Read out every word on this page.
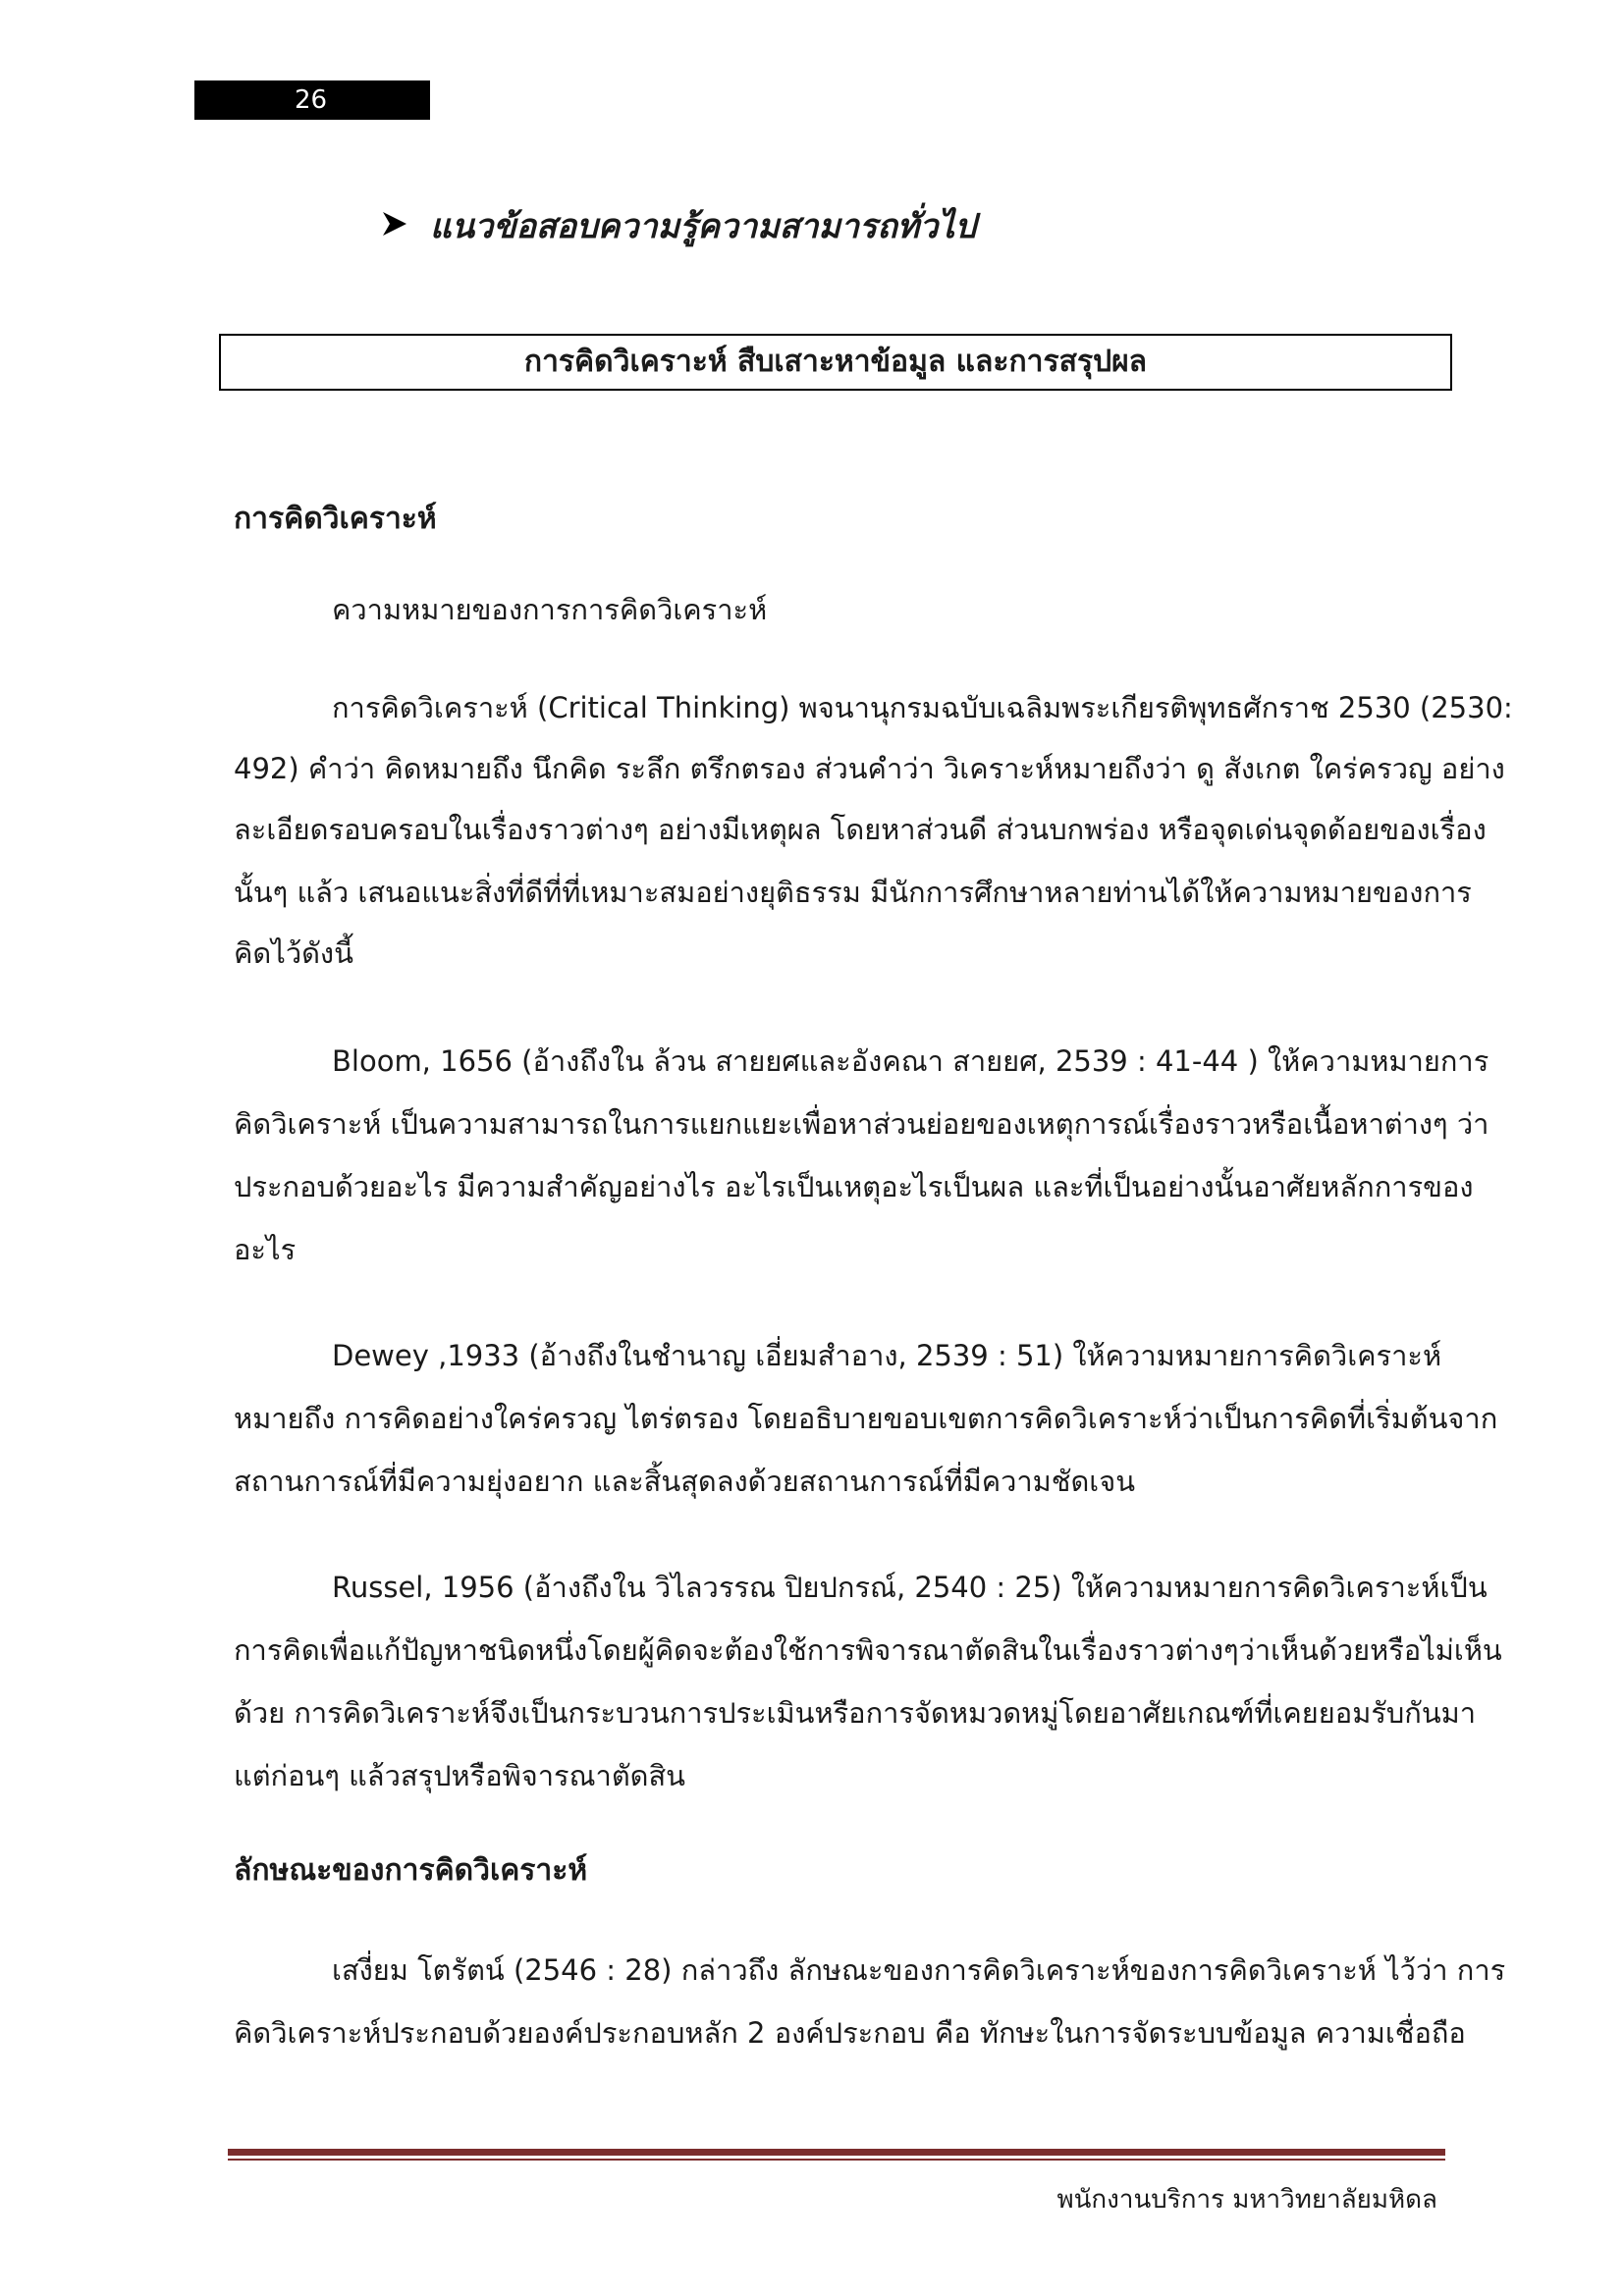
26
แนวข้อสอบความรู้ความสามารถทั่วไป
การคิดวิเคราะห์ สืบเสาะหาข้อมูล และการสรุปผล
การคิดวิเคราะห์
ความหมายของการการคิดวิเคราะห์
การคิดวิเคราะห์ (Critical Thinking) พจนานุกรมฉบับเฉลิมพระเกียรติพุทธศักราช 2530 (2530:
492) คำว่า คิดหมายถึง นึกคิด ระลึก ตรึกตรอง ส่วนคำว่า วิเคราะห์หมายถึงว่า ดู สังเกต ใคร่ครวญ อย่าง
ละเอียดรอบครอบในเรื่องราวต่างๆ อย่างมีเหตุผล โดยหาส่วนดี ส่วนบกพร่อง หรือจุดเด่นจุดด้อยของเรื่อง
นั้นๆ แล้ว เสนอแนะสิ่งที่ดีที่ที่เหมาะสมอย่างยุติธรรม มีนักการศึกษาหลายท่านได้ให้ความหมายของการ
คิดไว้ดังนี้
Bloom, 1656 (อ้างถึงใน ล้วน สายยศและอังคณา สายยศ, 2539 : 41-44 ) ให้ความหมายการ
คิดวิเคราะห์ เป็นความสามารถในการแยกแยะเพื่อหาส่วนย่อยของเหตุการณ์เรื่องราวหรือเนื้อหาต่างๆ ว่า
ประกอบด้วยอะไร มีความสำคัญอย่างไร อะไรเป็นเหตุอะไรเป็นผล และที่เป็นอย่างนั้นอาศัยหลักการของ
อะไร
Dewey ,1933 (อ้างถึงในชำนาญ เอี่ยมสำอาง, 2539 : 51) ให้ความหมายการคิดวิเคราะห์
หมายถึง การคิดอย่างใคร่ครวญ ไตร่ตรอง โดยอธิบายขอบเขตการคิดวิเคราะห์ว่าเป็นการคิดที่เริ่มต้นจาก
สถานการณ์ที่มีความยุ่งอยาก และสิ้นสุดลงด้วยสถานการณ์ที่มีความชัดเจน
Russel, 1956 (อ้างถึงใน วิไลวรรณ ปิยปกรณ์, 2540 : 25) ให้ความหมายการคิดวิเคราะห์เป็น
การคิดเพื่อแก้ปัญหาชนิดหนึ่งโดยผู้คิดจะต้องใช้การพิจารณาตัดสินในเรื่องราวต่างๆว่าเห็นด้วยหรือไม่เห็น
ด้วย การคิดวิเคราะห์จึงเป็นกระบวนการประเมินหรือการจัดหมวดหมู่โดยอาศัยเกณฑ์ที่เคยยอมรับกันมา
แต่ก่อนๆ แล้วสรุปหรือพิจารณาตัดสิน
ลักษณะของการคิดวิเคราะห์
เสงี่ยม โตรัตน์ (2546 : 28) กล่าวถึง ลักษณะของการคิดวิเคราะห์ของการคิดวิเคราะห์ ไว้ว่า การ
คิดวิเคราะห์ประกอบด้วยองค์ประกอบหลัก 2 องค์ประกอบ คือ ทักษะในการจัดระบบข้อมูล ความเชื่อถือ
พนักงานบริการ มหาวิทยาลัยมหิดล
